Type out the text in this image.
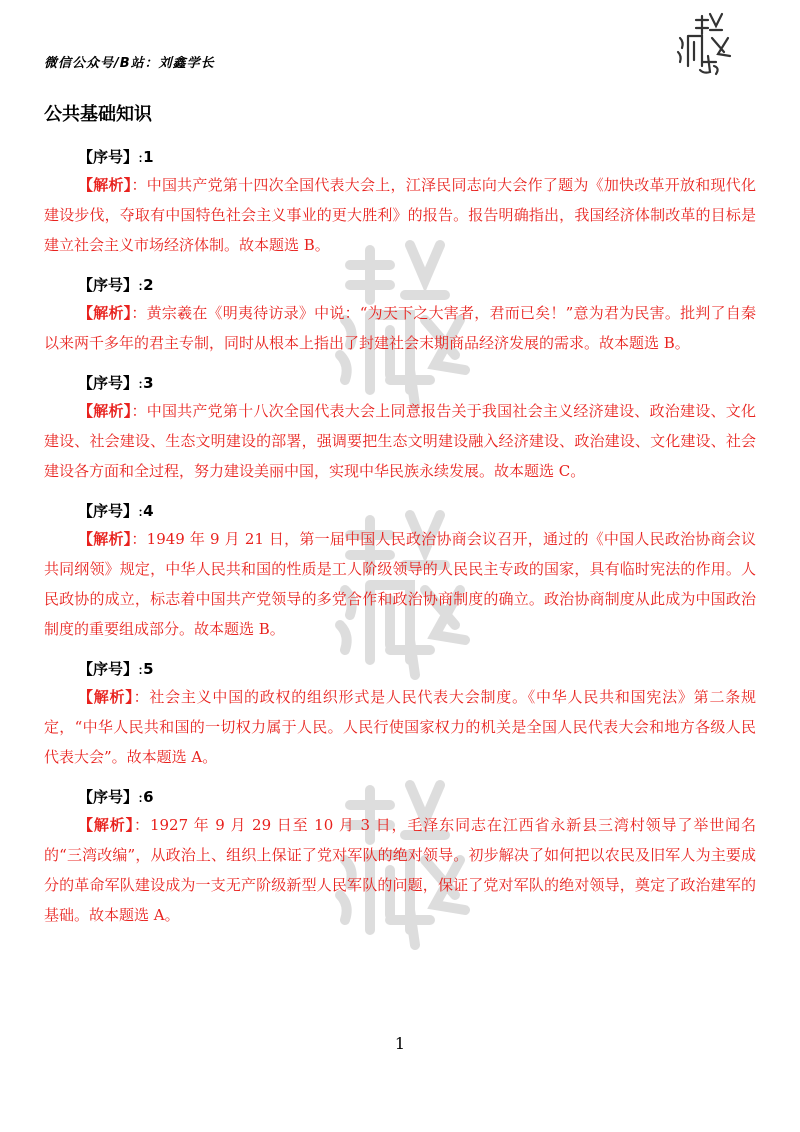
微信公众号/B站：刘鑫学长
公共基础知识
【序号】:1

【解析】：中国共产党第十四次全国代表大会上，江泽民同志向大会作了题为《加快改革开放和现代化建设步伐，夺取有中国特色社会主义事业的更大胜利》的报告。报告明确指出，我国经济体制改革的目标是建立社会主义市场经济体制。故本题选 B。

【序号】:2

【解析】：黄宗羲在《明夷待访录》中说：“为天下之大害者，君而已矣！”意为君为民害。批判了自秦以来两千多年的君主专制，同时从根本上指出了封建社会末期商品经济发展的需求。故本题选 B。

【序号】:3

【解析】：中国共产党第十八次全国代表大会上同意报告关于我国社会主义经济建设、政治建设、文化建设、社会建设、生态文明建设的部署，强调要把生态文明建设融入经济建设、政治建设、文化建设、社会建设各方面和全过程，努力建设美丽中国，实现中华民族永续发展。故本题选 C。

【序号】:4

【解析】：1949 年 9 月 21 日，第一届中国人民政治协商会议召开，通过的《中国人民政治协商会议共同纲领》规定，中华人民共和国的性质是工人阶级领导的人民民主专政的国家，具有临时宪法的作用。人民政协的成立，标志着中国共产党领导的多党合作和政治协商制度的确立。政治协商制度从此成为中国政治制度的重要组成部分。故本题选 B。

【序号】:5

【解析】：社会主义中国的政权的组织形式是人民代表大会制度。《中华人民共和国宪法》第二条规定，“中华人民共和国的一切权力属于人民。人民行使国家权力的机关是全国人民代表大会和地方各级人民代表大会”。故本题选 A。

【序号】:6

【解析】：1927 年 9 月 29 日至 10 月 3 日，毛泽东同志在江西省永新县三湾村领导了举世闻名的“三湾改编”，从政治上、组织上保证了党对军队的绝对领导。初步解决了如何把以农民及旧军人为主要成分的革命军队建设成为一支无产阶级新型人民军队的问题，保证了党对军队的绝对领导，奠定了政治建军的基础。故本题选 A。

1
